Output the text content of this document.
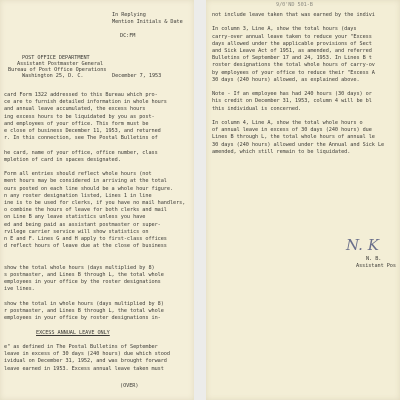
In Replying
Mention Initials & Date
DC:FM
POST OFFICE DEPARTMENT
Assistant Postmaster General
Bureau of Post Office Operations
Washington 25, D. C.	December 7, 1953
card Form 1322 addressed to this Bureau which pro-
ce are to furnish detailed information in whole hours
and annual leave accumulated, the excess hours
ing excess hours to be liquidated by you as post-
and employees of your office. This form must be
e close of business December 11, 1953, and returned
r. In this connection, see The Postal Bulletins of
he card, name of your office, office number, class
mpletion of card in spaces designated.
Form all entries should reflect whole hours (not
ment hours may be considered in arriving at the total
ours posted on each line should be a whole hour figure.
n any roster designation listed, Lines 1 in line
ine is to be used for clerks, if you have no mail handlers,
o combine the hours of leave for both clerks and mail
on Line B any leave statistics unless you have
ed and being paid as assistant postmaster or super-
rvilege carrier service will show statistics on
n E and F. Lines G and H apply to first-class offices
d reflect hours of leave due at the close of business
show the total whole hours (days multiplied by 8)
s postmaster, and Lines B through L, the total whole
employees in your office by the roster designations
ive lines.
show the total in whole hours (days multiplied by 8)
r postmaster, and Lines B through L, the total whole
employees in your office by roster designations in-
EXCESS ANNUAL LEAVE ONLY
e" as defined in The Postal Bulletins of September
leave in excess of 30 days (240 hours) due which stood
ividual on December 31, 1952, and was brought forward
leave earned in 1953. Excess annual leave taken must
(OVER)
9/0'ND 501-B
not include leave taken that was earned by the indivi
In column 3, Line A, show the total hours (days
carry-over annual leave taken to reduce your "Excess
days allowed under the applicable provisions of Sect
and Sick Leave Act of 1951, as amended, and referred
Bulletins of September 17 and 24, 1953. In Lines B t
roster designations the total whole hours of carry-ov
by employees of your office to reduce their "Excess A
30 days (240 hours) allowed, as explained above.
Note - If an employee has had 240 hours (30 days) or
his credit on December 31, 1953, column 4 will be bl
this individual is concerned.
In column 4, Line A, show the total whole hours o
of annual leave in excess of 30 days (240 hours) due
Lines B through L, the total whole hours of annual le
30 days (240 hours) allowed under the Annual and Sick Le
amended, which still remain to be liquidated.
N. K
N. B.
Assistant Pos
